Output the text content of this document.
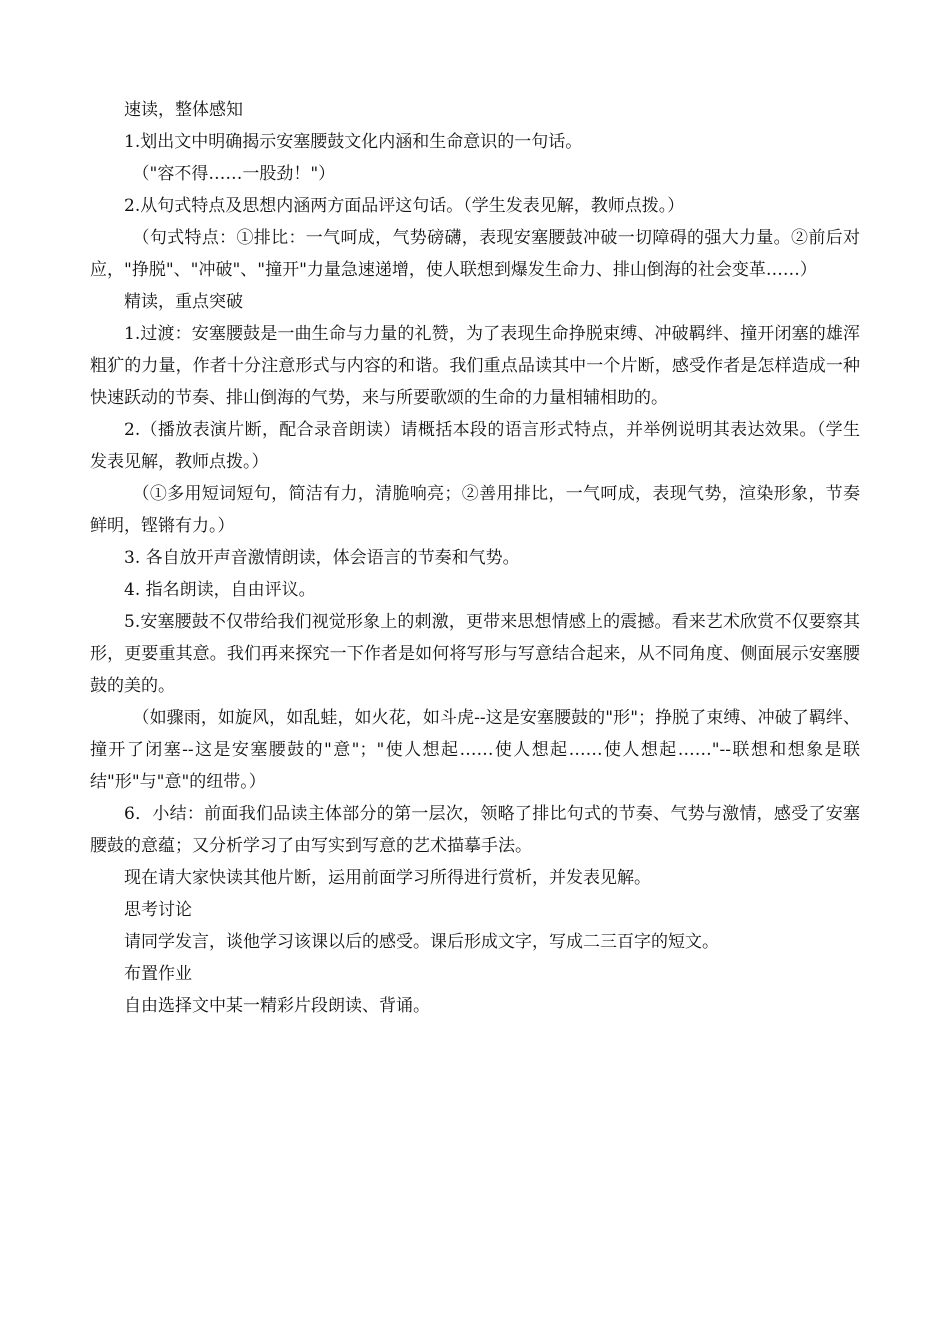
速读，整体感知

1.划出文中明确揭示安塞腰鼓文化内涵和生命意识的一句话。

（"容不得……一股劲！"）

2.从句式特点及思想内涵两方面品评这句话。（学生发表见解，教师点拨。）

（句式特点：①排比：一气呵成，气势磅礴，表现安塞腰鼓冲破一切障碍的强大力量。②前后对应，"挣脱"、"冲破"、"撞开"力量急速递增，使人联想到爆发生命力、排山倒海的社会变革……）

精读，重点突破

1.过渡：安塞腰鼓是一曲生命与力量的礼赞，为了表现生命挣脱束缚、冲破羁绊、撞开闭塞的雄浑粗犷的力量，作者十分注意形式与内容的和谐。我们重点品读其中一个片断，感受作者是怎样造成一种快速跃动的节奏、排山倒海的气势，来与所要歌颂的生命的力量相辅相助的。

2.（播放表演片断，配合录音朗读）请概括本段的语言形式特点，并举例说明其表达效果。（学生发表见解，教师点拨。）

（①多用短词短句，简洁有力，清脆响亮；②善用排比，一气呵成，表现气势，渲染形象，节奏鲜明，铿锵有力。）

3. 各自放开声音激情朗读，体会语言的节奏和气势。

4. 指名朗读，自由评议。

5.安塞腰鼓不仅带给我们视觉形象上的刺激，更带来思想情感上的震撼。看来艺术欣赏不仅要察其形，更要重其意。我们再来探究一下作者是如何将写形与写意结合起来，从不同角度、侧面展示安塞腰鼓的美的。

（如骤雨，如旋风，如乱蛙，如火花，如斗虎--这是安塞腰鼓的"形"；挣脱了束缚、冲破了羁绊、撞开了闭塞--这是安塞腰鼓的"意"；"使人想起……使人想起……使人想起……"--联想和想象是联结"形"与"意"的纽带。）

6．小结：前面我们品读主体部分的第一层次，领略了排比句式的节奏、气势与激情，感受了安塞腰鼓的意蕴；又分析学习了由写实到写意的艺术描摹手法。

现在请大家快读其他片断，运用前面学习所得进行赏析，并发表见解。

思考讨论

请同学发言，谈他学习该课以后的感受。课后形成文字，写成二三百字的短文。

布置作业

自由选择文中某一精彩片段朗读、背诵。
